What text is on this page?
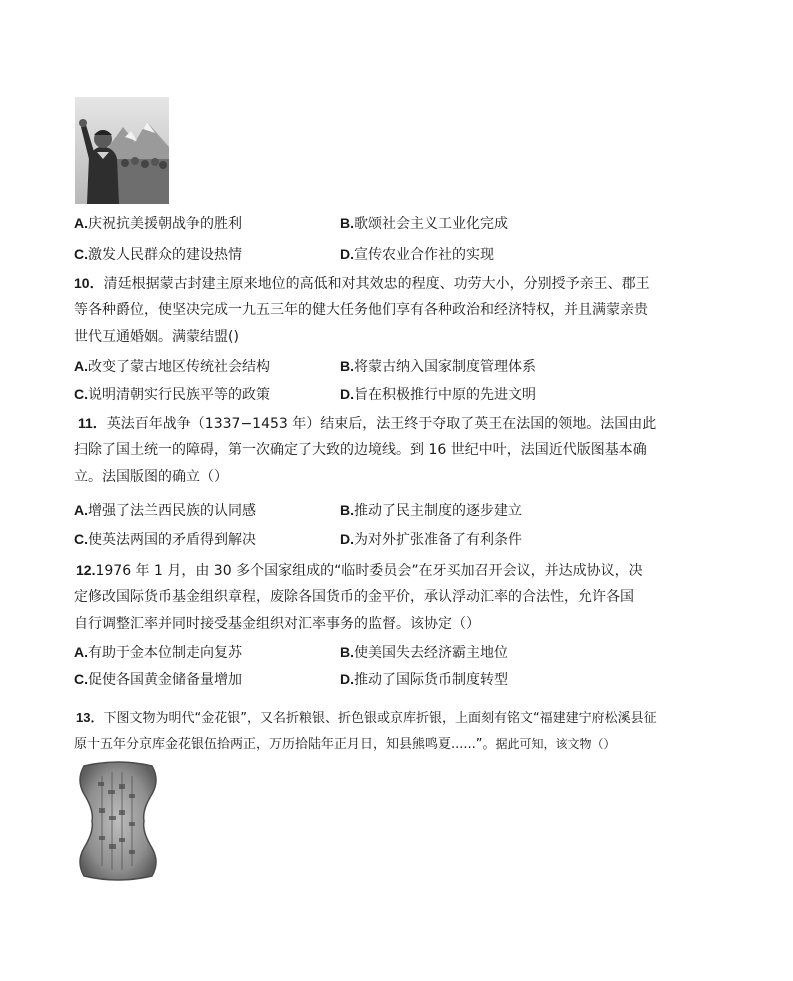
A.庆祝抗美援朝战争的胜利	B.歌颂社会主义工业化完成
C.激发人民群众的建设热情	D.宣传农业合作社的实现
10．清廷根据蒙古封建主原来地位的高低和对其效忠的程度、功劳大小，分别授予亲王、郡王
等各种爵位，使坚决完成一九五三年的健大任务他们享有各种政治和经济特权，并且满蒙亲贵
世代互通婚姻。满蒙结盟()
A.改变了蒙古地区传统社会结构	B.将蒙古纳入国家制度管理体系
C.说明清朝实行民族平等的政策	D.旨在积极推行中原的先进文明
11．英法百年战争（1337−1453 年）结束后，法王终于夺取了英王在法国的领地。法国由此
扫除了国土统一的障碍，第一次确定了大致的边境线。到 16 世纪中叶，法国近代版图基本确
立。法国版图的确立（）
A.增强了法兰西民族的认同感	B.推动了民主制度的逐步建立
C.使英法两国的矛盾得到解决	D.为对外扩张准备了有利条件
12.1976 年 1 月，由 30 多个国家组成的“临时委员会”在牙买加召开会议，并达成协议，决
定修改国际货币基金组织章程，废除各国货币的金平价，承认浮动汇率的合法性，允许各国
自行调整汇率并同时接受基金组织对汇率事务的监督。该协定（）
A.有助于金本位制走向复苏	B.使美国失去经济霸主地位
C.促使各国黄金储备量增加	D.推动了国际货币制度转型
13．下图文物为明代“金花银”，又名折粮银、折色银或京库折银，上面刻有铭文“福建建宁府松溪县征
原十五年分京库金花银伍拾两正，万历拾陆年正月日，知县熊鸣夏......”。据此可知，该文物（）
